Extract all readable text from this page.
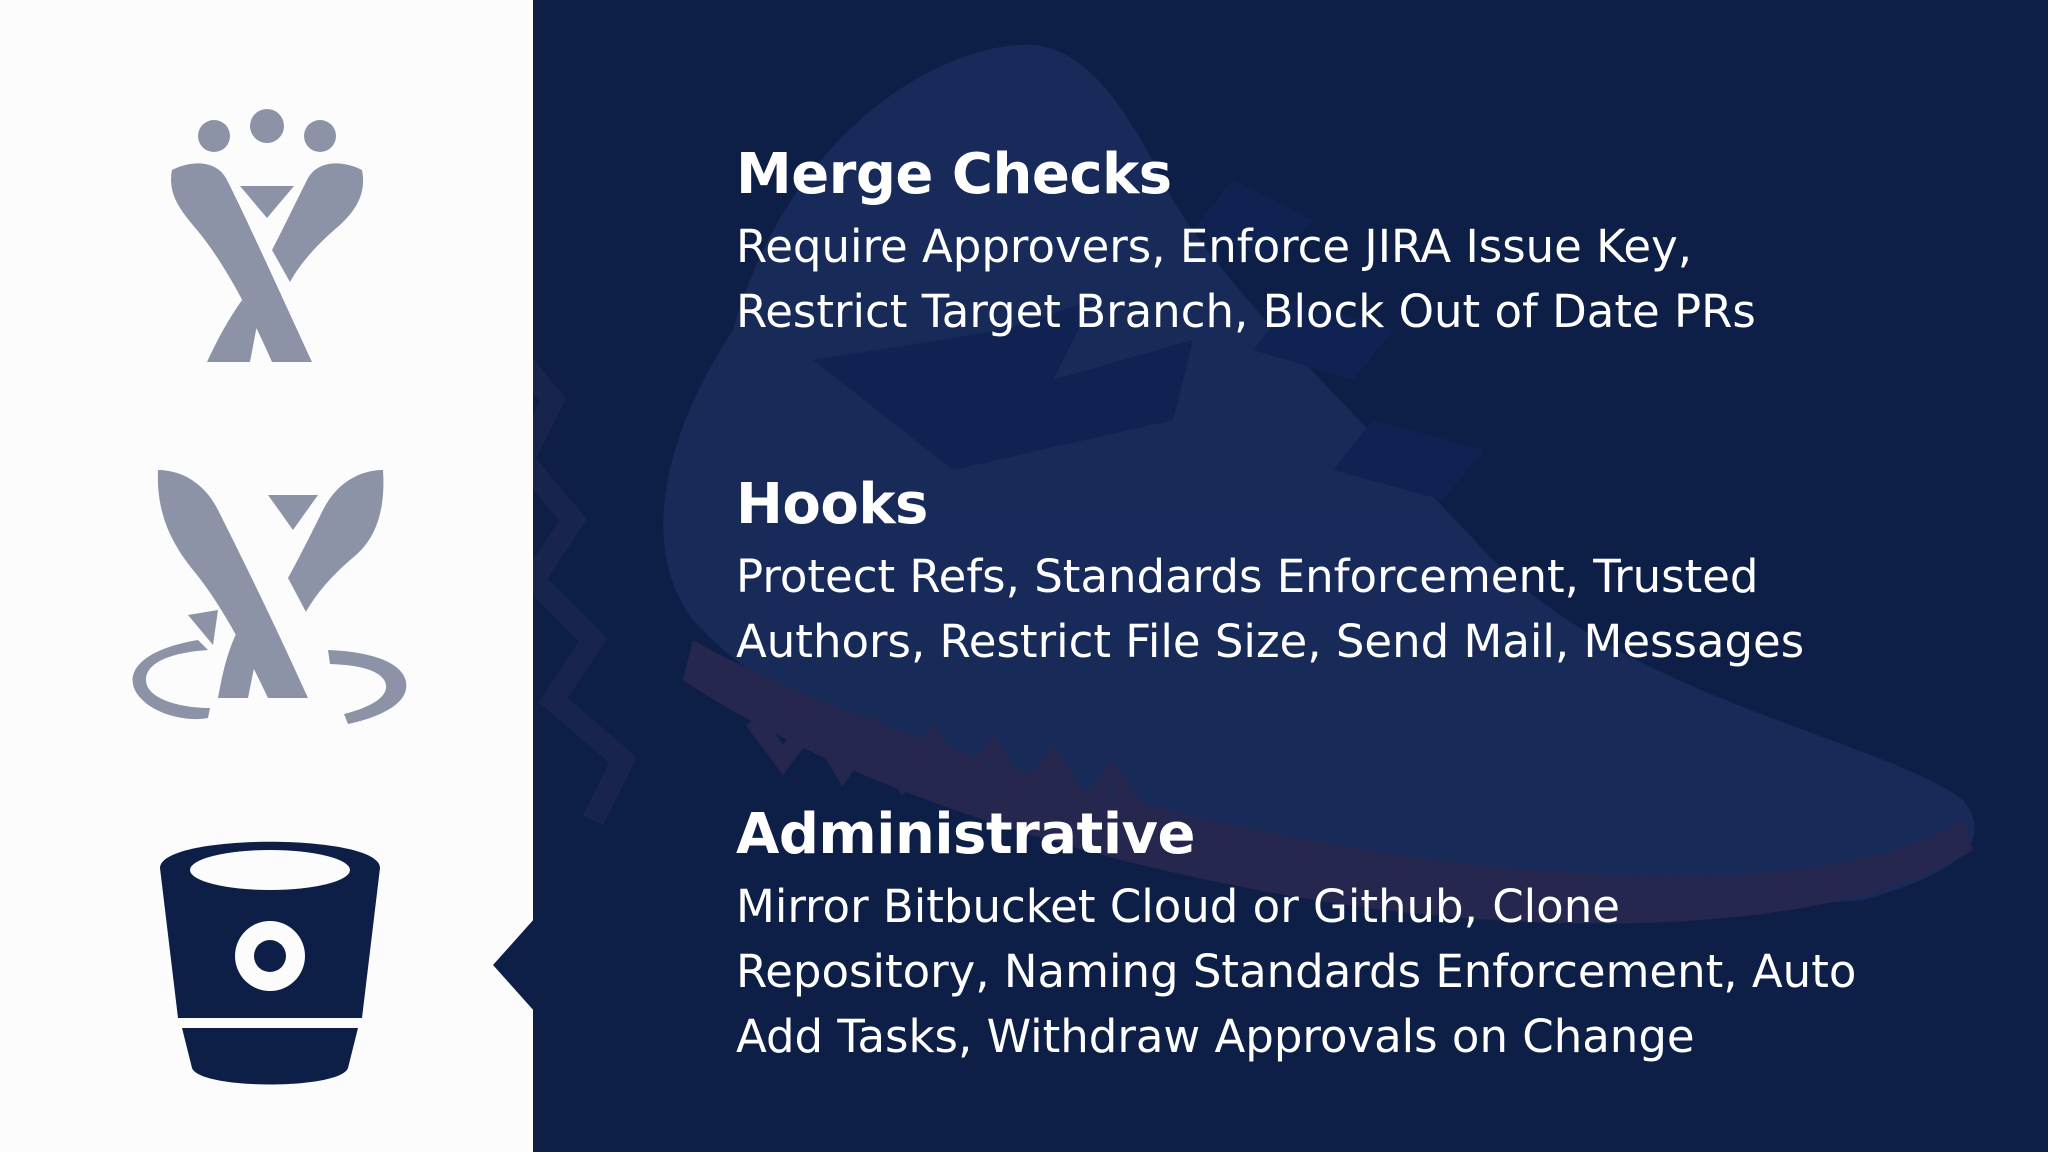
Merge Checks

Require Approvers, Enforce JIRA Issue Key,
Restrict Target Branch, Block Out of Date PRs

Hooks

Protect Refs, Standards Enforcement, Trusted
Authors, Restrict File Size, Send Mail, Messages

Administrative

Mirror Bitbucket Cloud or Github, Clone
Repository, Naming Standards Enforcement, Auto
Add Tasks, Withdraw Approvals on Change
